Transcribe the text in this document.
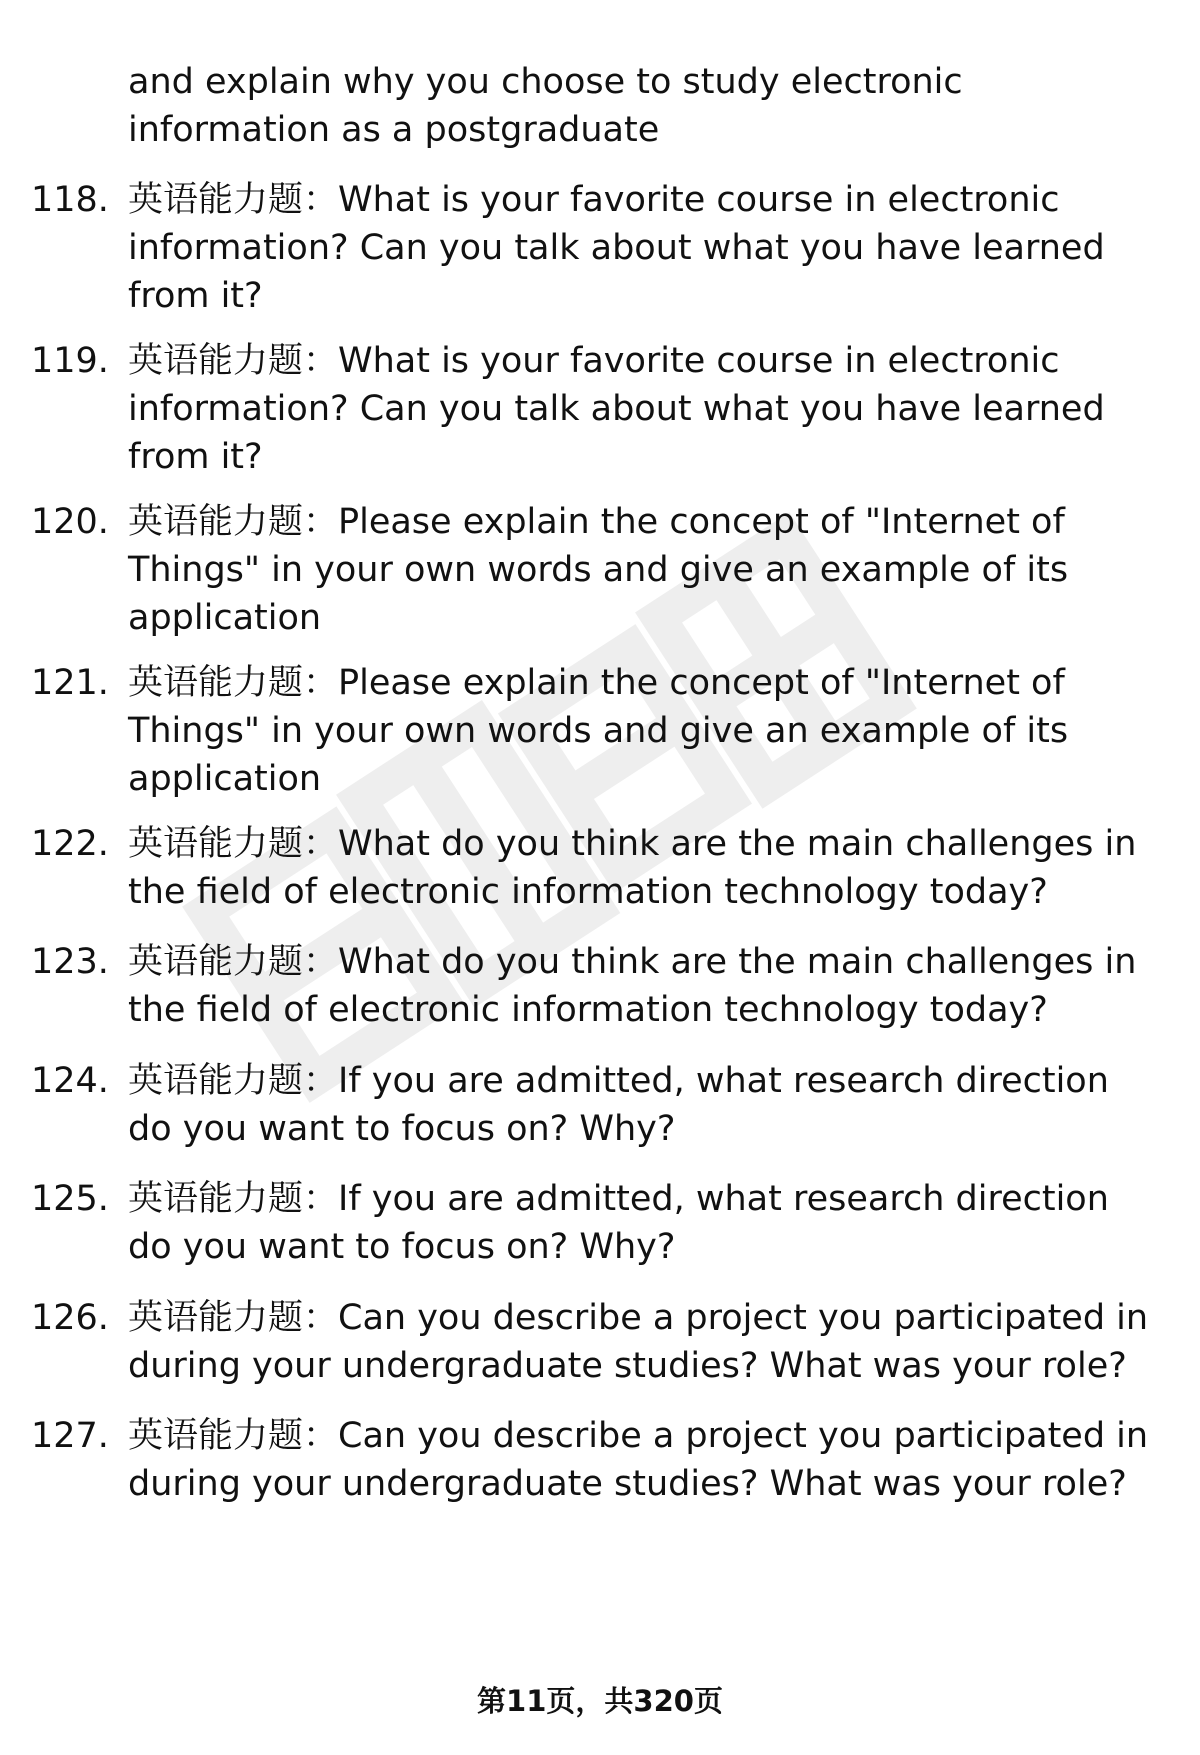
and explain why you choose to study electronic information as a postgraduate

118. 英语能力题：What is your favorite course in electronic information? Can you talk about what you have learned from it?

119. 英语能力题：What is your favorite course in electronic information? Can you talk about what you have learned from it?

120. 英语能力题：Please explain the concept of "Internet of Things" in your own words and give an example of its application

121. 英语能力题：Please explain the concept of "Internet of Things" in your own words and give an example of its application

122. 英语能力题：What do you think are the main challenges in the field of electronic information technology today?

123. 英语能力题：What do you think are the main challenges in the field of electronic information technology today?

124. 英语能力题：If you are admitted, what research direction do you want to focus on? Why?

125. 英语能力题：If you are admitted, what research direction do you want to focus on? Why?

126. 英语能力题：Can you describe a project you participated in during your undergraduate studies? What was your role?

127. 英语能力题：Can you describe a project you participated in during your undergraduate studies? What was your role?

第11页，共320页
